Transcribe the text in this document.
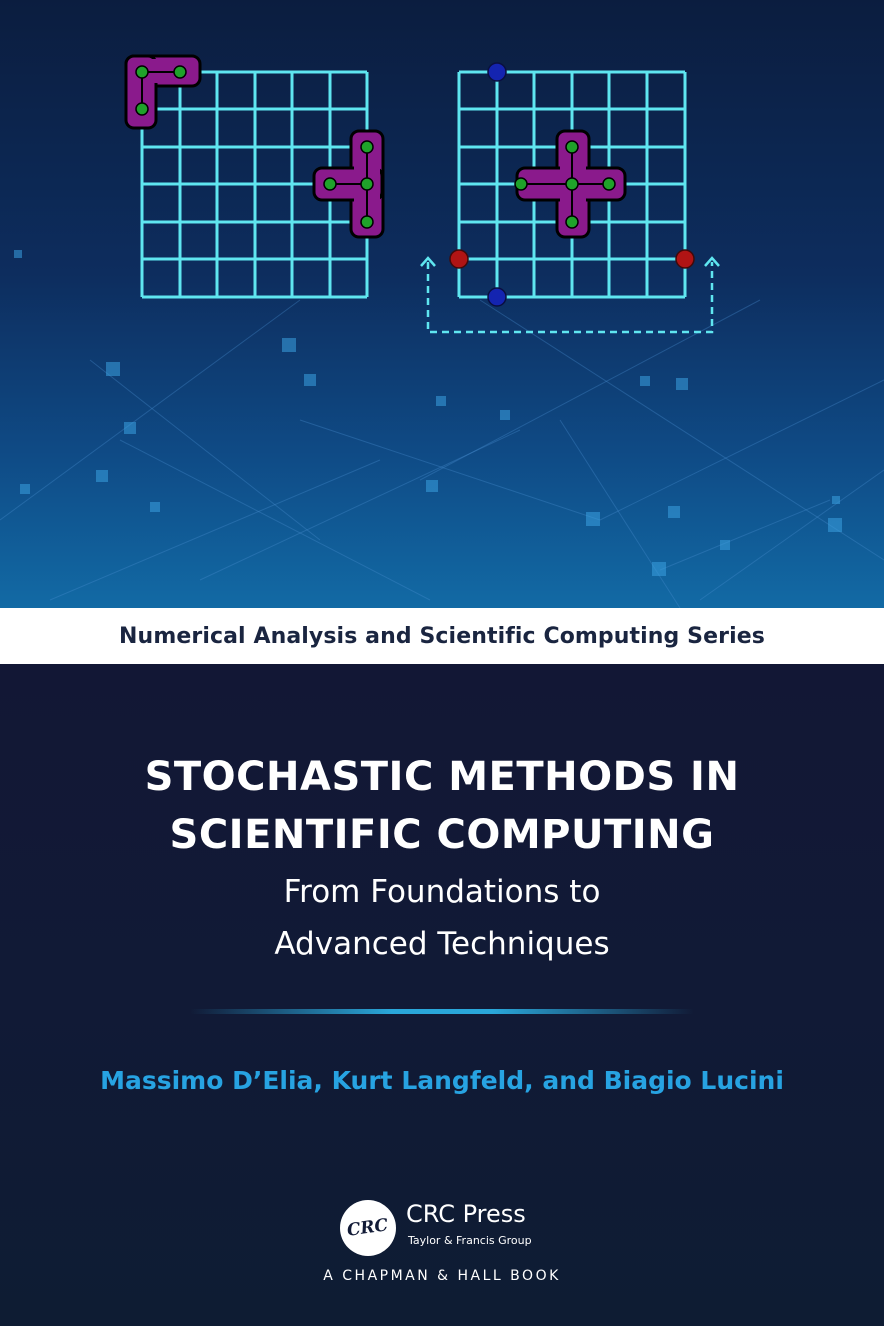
Numerical Analysis and Scientific Computing Series
STOCHASTIC METHODS IN
SCIENTIFIC COMPUTING
From Foundations to
Advanced Techniques
Massimo D’Elia, Kurt Langfeld, and Biagio Lucini
CRC CRC Press
Taylor & Francis Group
A CHAPMAN & HALL BOOK
